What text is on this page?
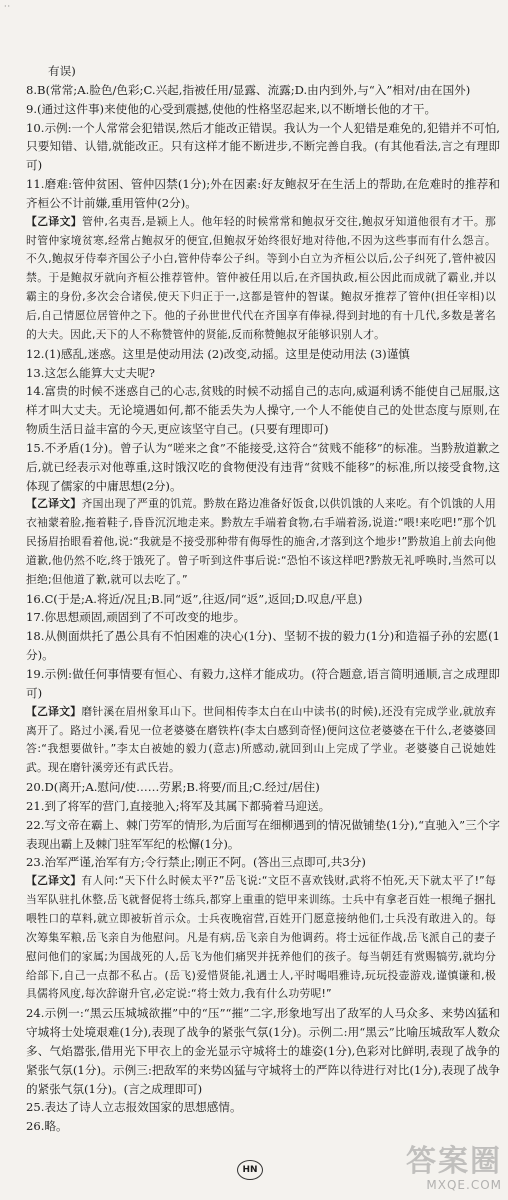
··

有误)

8.B(常常;A.脸色/色彩;C.兴起,指被任用/显露、流露;D.由内到外,与“入”相对/由在国外)

9.(通过这件事)来使他的心受到震撼,使他的性格坚忍起来,以不断增长他的才干。

10.示例:一个人常常会犯错误,然后才能改正错误。我认为一个人犯错是难免的,犯错并不可怕,只要知错、认错,就能改正。只有这样才能不断进步,不断完善自我。(有其他看法,言之有理即可)

11.磨难:管仲贫困、管仲囚禁(1分);外在因素:好友鲍叔牙在生活上的帮助,在危难时的推荐和齐桓公不计前嫌,重用管仲(2分)。

【乙译文】管仲,名夷吾,是颍上人。他年轻的时候常常和鲍叔牙交往,鲍叔牙知道他很有才干。那时管仲家境贫寒,经常占鲍叔牙的便宜,但鲍叔牙始终很好地对待他,不因为这些事而有什么怨言。不久,鲍叔牙侍奉齐国公子小白,管仲侍奉公子纠。等到小白立为齐桓公以后,公子纠死了,管仲被囚禁。于是鲍叔牙就向齐桓公推荐管仲。管仲被任用以后,在齐国执政,桓公因此而成就了霸业,并以霸主的身份,多次会合诸侯,使天下归正于一,这都是管仲的智谋。鲍叔牙推荐了管仲(担任宰相)以后,自己情愿位居管仲之下。他的子孙世世代代在齐国享有俸禄,得到封地的有十几代,多数是著名的大夫。因此,天下的人不称赞管仲的贤能,反而称赞鲍叔牙能够识别人才。

12.(1)感乱,迷惑。这里是使动用法 (2)改变,动摇。这里是使动用法 (3)谨慎

13.这怎么能算大丈夫呢?

14.富贵的时候不迷惑自己的心志,贫贱的时候不动摇自己的志向,威逼利诱不能使自己屈服,这样才叫大丈夫。无论境遇如何,都不能丢失为人操守,一个人不能使自己的处世态度与原则,在物质生活日益丰富的今天,更应该坚守自己。(只要有理即可)

15.不矛盾(1分)。曾子认为“嗟来之食”不能接受,这符合“贫贱不能移”的标准。当黔敖道歉之后,就已经表示对他尊重,这时饿汉吃的食物便没有违背“贫贱不能移”的标准,所以接受食物,这体现了儒家的中庸思想(2分)。

【乙译文】齐国出现了严重的饥荒。黔敖在路边准备好饭食,以供饥饿的人来吃。有个饥饿的人用衣袖蒙着脸,拖着鞋子,昏昏沉沉地走来。黔敖左手端着食物,右手端着汤,说道:“喂!来吃吧!”那个饥民扬眉抬眼看着他,说:“我就是不接受那种带有侮辱性的施舍,才落到这个地步!”黔敖追上前去向他道歉,他仍然不吃,终于饿死了。曾子听到这件事后说:“恐怕不该这样吧?黔敖无礼呼唤时,当然可以拒绝;但他道了歉,就可以去吃了。”

16.C(于是;A.将近/况且;B.同“返”,往返/同“返”,返回;D.叹息/平息)

17.你思想顽固,顽固到了不可改变的地步。

18.从侧面烘托了愚公具有不怕困难的决心(1分)、坚韧不拔的毅力(1分)和造福子孙的宏愿(1分)。

19.示例:做任何事情要有恒心、有毅力,这样才能成功。(符合题意,语言简明通顺,言之成理即可)

【乙译文】磨针溪在眉州象耳山下。世间相传李太白在山中读书(的时候),还没有完成学业,就放弃离开了。路过小溪,看见一位老婆婆在磨铁杵(李太白感到奇怪)便问这位老婆婆在干什么,老婆婆回答:“我想要做针。”李太白被她的毅力(意志)所感动,就回到山上完成了学业。老婆婆自己说她姓武。现在磨针溪旁还有武氏岩。

20.D(离开;A.慰问/使……劳累;B.将要/而且;C.经过/居住)

21.到了将军的营门,直接驰入;将军及其属下都骑着马迎送。

22.写文帝在霸上、棘门劳军的情形,为后面写在细柳遇到的情况做铺垫(1分),“直驰入”三个字表现出霸上及棘门驻军军纪的松懈(1分)。

23.治军严谨,治军有方;令行禁止;刚正不阿。(答出三点即可,共3分)

【乙译文】有人问:“天下什么时候太平?”岳飞说:“文臣不喜欢钱财,武将不怕死,天下就太平了!”每当军队驻扎休整,岳飞就督促将士练兵,都穿上重重的铠甲来训练。士兵中有拿老百姓一根绳子捆扎喂牲口的草料,就立即被斩首示众。士兵夜晚宿营,百姓开门愿意接纳他们,士兵没有敢进入的。每次筹集军粮,岳飞亲自为他慰问。凡是有病,岳飞亲自为他调药。将士远征作战,岳飞派自己的妻子慰问他们的家属;为国战死的人,岳飞为他们痛哭并抚养他们的孩子。每当朝廷有赏赐犒劳,就均分给部下,自己一点都不私占。(岳飞)爱惜贤能,礼遇士人,平时喝唱雅诗,玩玩投壶游戏,谨慎谦和,极具儒将风度,每次辞谢升官,必定说:“将士效力,我有什么功劳呢!”

24.示例一:“黑云压城城欲摧”中的“压”“摧”二字,形象地写出了敌军的人马众多、来势凶猛和守城将士处境艰难(1分),表现了战争的紧张气氛(1分)。示例二:用“黑云”比喻压城敌军人数众多、气焰嚣张,借用光下甲衣上的金光显示守城将士的雄姿(1分),色彩对比鲜明,表现了战争的紧张气氛(1分)。示例三:把敌军的来势凶猛与守城将士的严阵以待进行对比(1分),表现了战争的紧张气氛(1分)。(言之成理即可)

25.表达了诗人立志报效国家的思想感情。

26.略。

HN	答案圈
MXQE.COM
